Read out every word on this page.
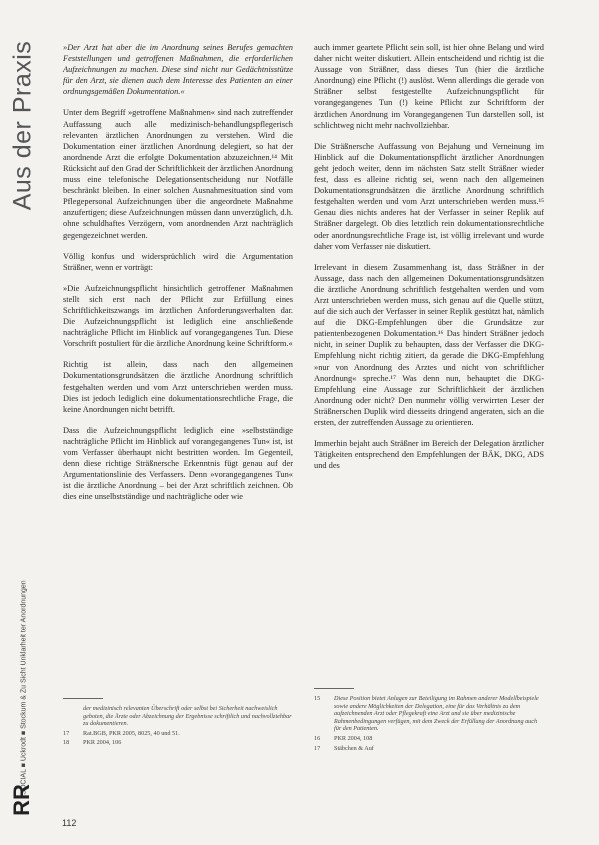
Aus der Praxis
SOCIAL ■ Uckrodt ■ Stockum & Zu Sicht Unklarheit ter Anordnungen
RR
112

»Der Arzt hat aber die im Anordnung seines Berufes gemachten Feststellungen und getroffenen Maßnahmen, die erforderlichen Aufzeichnungen zu machen. Diese sind nicht nur Gedächtnisstütze für den Arzt, sie dienen auch dem Interesse des Patienten an einer ordnungsgemäßen Dokumentation.«

Unter dem Begriff »getroffene Maßnahmen« sind nach zutreffender Auffassung auch alle medizinisch-behandlungspflegerisch relevanten ärztlichen Anordnungen zu verstehen. Wird die Dokumentation einer ärztlichen Anordnung delegiert, so hat der anordnende Arzt die erfolgte Dokumentation abzuzeichnen.¹⁴ Mit Rücksicht auf den Grad der Schriftlichkeit der ärztlichen Anordnung muss eine telefonische Delegationsentscheidung nur Notfälle beschränkt bleiben. In einer solchen Ausnahmesituation sind vom Pflegepersonal Aufzeichnungen über die angeordnete Maßnahme anzufertigen; diese Aufzeichnungen müssen dann unverzüglich, d.h. ohne schuldhaftes Verzögern, vom anordnenden Arzt nachträglich gegengezeichnet werden.

Völlig konfus und widersprüchlich wird die Argumentation Sträßner, wenn er vorträgt:

»Die Aufzeichnungspflicht hinsichtlich getroffener Maßnahmen stellt sich erst nach der Pflicht zur Erfüllung eines Schriftlichkeitszwangs im ärztlichen Anforderungsverhalten dar. Die Aufzeichnungspflicht ist lediglich eine anschließende nachträgliche Pflicht im Hinblick auf vorangegangenes Tun. Diese Vorschrift postuliert für die ärztliche Anordnung keine Schriftform.«

Richtig ist allein, dass nach den allgemeinen Dokumentationsgrundsätzen die ärztliche Anordnung schriftlich festgehalten werden und vom Arzt unterschrieben werden muss. Dies ist jedoch lediglich eine dokumentationsrechtliche Frage, die keine Anordnungen nicht betrifft.

Dass die Aufzeichnungspflicht lediglich eine »selbstständige nachträgliche Pflicht im Hinblick auf vorangegangenes Tun« ist, ist vom Verfasser überhaupt nicht bestritten worden. Im Gegenteil, denn diese richtige Sträßnersche Erkenntnis fügt genau auf der Argumentationslinie des Verfassers. Denn »vorangegangenes Tun« ist die ärztliche Anordnung – bei der Arzt schriftlich zeichnen. Ob dies eine unselbstständige und nachträgliche oder wie

auch immer geartete Pflicht sein soll, ist hier ohne Belang und wird daher nicht weiter diskutiert. Allein entscheidend und richtig ist die Aussage von Sträßner, dass dieses Tun (hier die ärztliche Anordnung) eine Pflicht (!) auslöst. Wenn allerdings die gerade von Sträßner selbst festgestellte Aufzeichnungspflicht für vorangegangenes Tun (!) keine Pflicht zur Schriftform der ärztlichen Anordnung im Vorangegangenen Tun darstellen soll, ist schlichtweg nicht mehr nachvollziehbar.

Die Sträßnersche Auffassung von Bejahung und Verneinung im Hinblick auf die Dokumentationspflicht ärztlicher Anordnungen geht jedoch weiter, denn im nächsten Satz stellt Sträßner wieder fest, dass es alleine richtig sei, wenn nach den allgemeinen Dokumentationsgrundsätzen die ärztliche Anordnung schriftlich festgehalten werden und vom Arzt unterschrieben werden muss.¹⁵ Genau dies nichts anderes hat der Verfasser in seiner Replik auf Sträßner dargelegt. Ob dies letztlich rein dokumentationsrechtliche oder anordnungsrechtliche Frage ist, ist völlig irrelevant und wurde daher vom Verfasser nie diskutiert.

Irrelevant in diesem Zusammenhang ist, dass Sträßner in der Aussage, dass nach den allgemeinen Dokumentationsgrundsätzen die ärztliche Anordnung schriftlich festgehalten werden und vom Arzt unterschrieben werden muss, sich genau auf die Quelle stützt, auf die sich auch der Verfasser in seiner Replik gestützt hat, nämlich auf die DKG-Empfehlungen über die Grundsätze zur patientenbezogenen Dokumentation.¹⁶ Das hindert Sträßner jedoch nicht, in seiner Duplik zu behaupten, dass der Verfasser die DKG-Empfehlung nicht richtig zitiert, da gerade die DKG-Empfehlung »nur von Anordnung des Arztes und nicht von schriftlicher Anordnung« spreche.¹⁷ Was denn nun, behauptet die DKG-Empfehlung eine Aussage zur Schriftlichkeit der ärztlichen Anordnung oder nicht? Den nunmehr völlig verwirrten Leser der Sträßnerschen Duplik wird diesseits dringend angeraten, sich an die ersten, der zutreffenden Aussage zu orientieren.

Immerhin bejaht auch Sträßner im Bereich der Delegation ärztlicher Tätigkeiten entsprechend den Empfehlungen der BÄK, DKG, ADS und des

der medizinisch relevanten Überschrift oder selbst bei Sicherheit nachweislich geboten, die Ärzte oder Abzeichnung der Ergebnisse schriftlich und nachvollziehbar zu dokumentieren.
17	Rat.BGB, PKR 2005, 8025, 40 und 51.
18	PKR 2004, 106
15	Diese Position bietet Anlagen zur Beteiligung im Rahmen anderer Modellbeispiele sowie andere Möglichkeiten der Delegation, eine für das Verhältnis zu dem aufzeichnenden Arzt oder Pflegekraft eine Arzt und sie über medizinische Rahmenbedingungen verfügen, mit dem Zweck der Erfüllung der Anordnung auch für den Patienten.
16	PKR 2004, 108
17	Stäbchen & Auf
